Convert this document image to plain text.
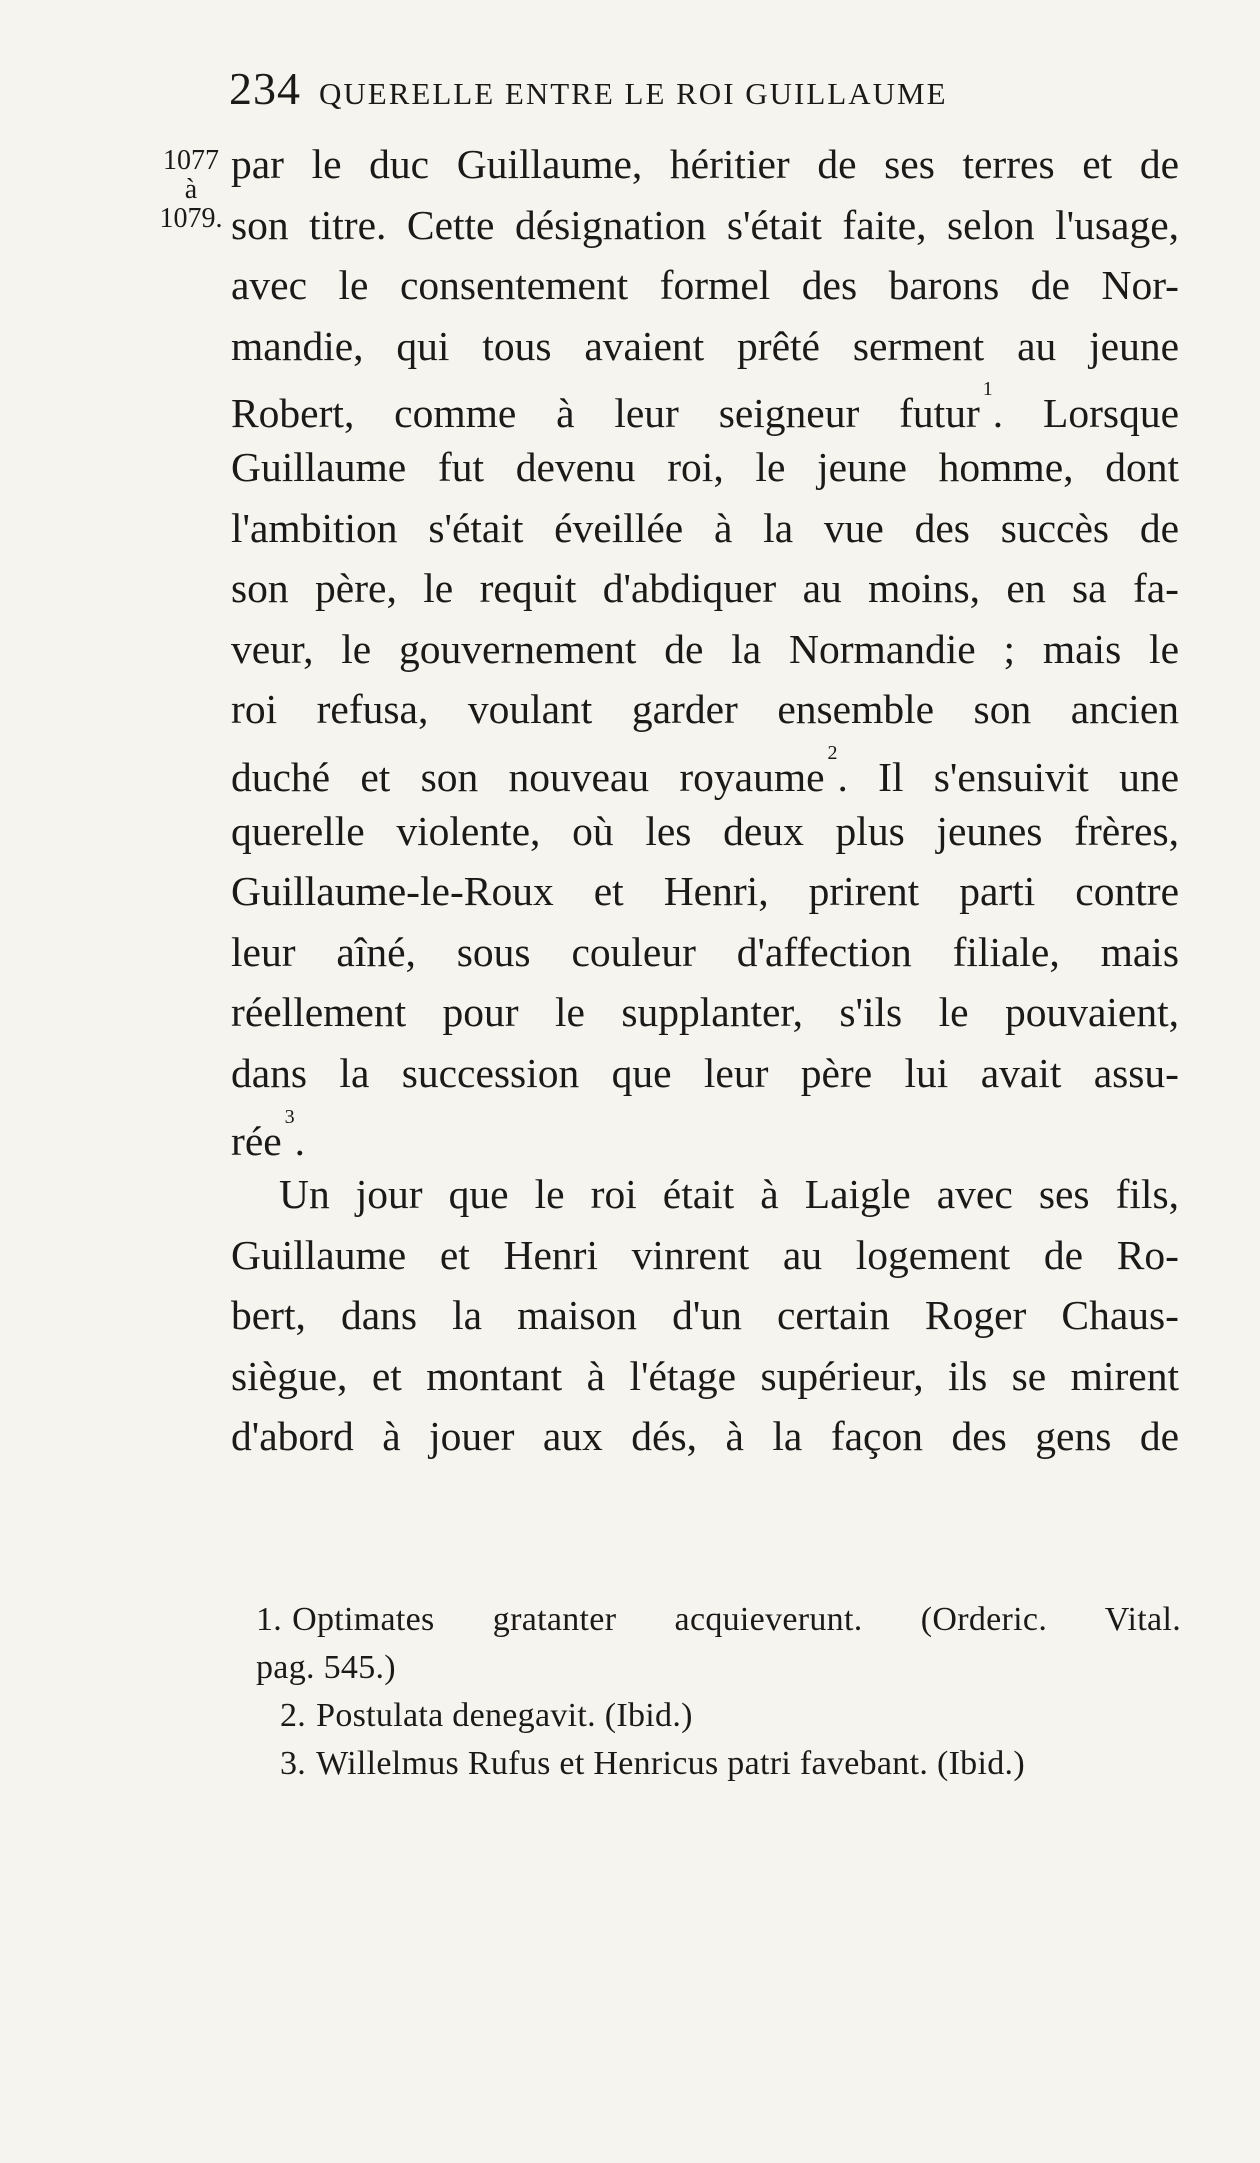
234 QUERELLE ENTRE LE ROI GUILLAUME
1077
à
1079.
par le duc Guillaume, héritier de ses terres et de
son titre. Cette désignation s'était faite, selon l'usage,
avec le consentement formel des barons de Nor-
mandie, qui tous avaient prêté serment au jeune
Robert, comme à leur seigneur futur$^1$. Lorsque
Guillaume fut devenu roi, le jeune homme, dont
l'ambition s'était éveillée à la vue des succès de
son père, le requit d'abdiquer au moins, en sa fa-
veur, le gouvernement de la Normandie ; mais le
roi refusa, voulant garder ensemble son ancien
duché et son nouveau royaume$^2$. Il s'ensuivit une
querelle violente, où les deux plus jeunes frères,
Guillaume-le-Roux et Henri, prirent parti contre
leur aîné, sous couleur d'affection filiale, mais
réellement pour le supplanter, s'ils le pouvaient,
dans la succession que leur père lui avait assu-
rée$^3$.
Un jour que le roi était à Laigle avec ses fils,
Guillaume et Henri vinrent au logement de Ro-
bert, dans la maison d'un certain Roger Chaus-
siègue, et montant à l'étage supérieur, ils se mirent
d'abord à jouer aux dés, à la façon des gens de
1. Optimates gratanter acquieverunt. (Orderic. Vital.
pag. 545.)
2. Postulata denegavit. (Ibid.)
3. Willelmus Rufus et Henricus patri favebant. (Ibid.)
